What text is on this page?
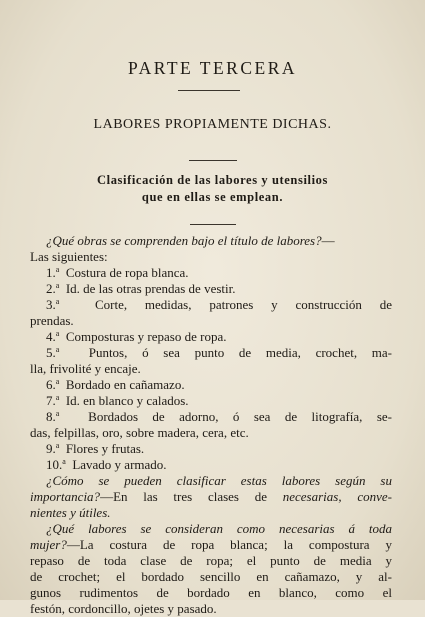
PARTE TERCERA
LABORES PROPIAMENTE DICHAS.
Clasificación de las labores y utensilios
que en ellas se emplean.
¿Qué obras se comprenden bajo el título de labores?—
Las siguientes:
1.$^a$ Costura de ropa blanca.
2.$^a$ Id. de las otras prendas de vestir.
3.$^a$	Corte, medidas, patrones y construcción de
prendas.
4.$^a$ Composturas y repaso de ropa.
5.$^a$ Puntos, ó sea punto de media, crochet, ma-
lla, frivolité y encaje.
6.$^a$ Bordado en cañamazo.
7.$^a$ Id. en blanco y calados.
8.$^a$ Bordados de adorno, ó sea de litografía, se-
das, felpillas, oro, sobre madera, cera, etc.
9.$^a$ Flores y frutas.
10.$^a$ Lavado y armado.
¿Cómo se pueden clasificar estas labores según su
importancia?—En las tres clases de necesarias, conve-
nientes y útiles.
¿Qué labores se consideran como necesarias á toda
mujer?—La costura de ropa blanca; la compostura y
repaso de toda clase de ropa; el punto de media y
de crochet; el bordado sencillo en cañamazo, y al-
gunos rudimentos de bordado en blanco, como el
festón, cordoncillo, ojetes y pasado.
